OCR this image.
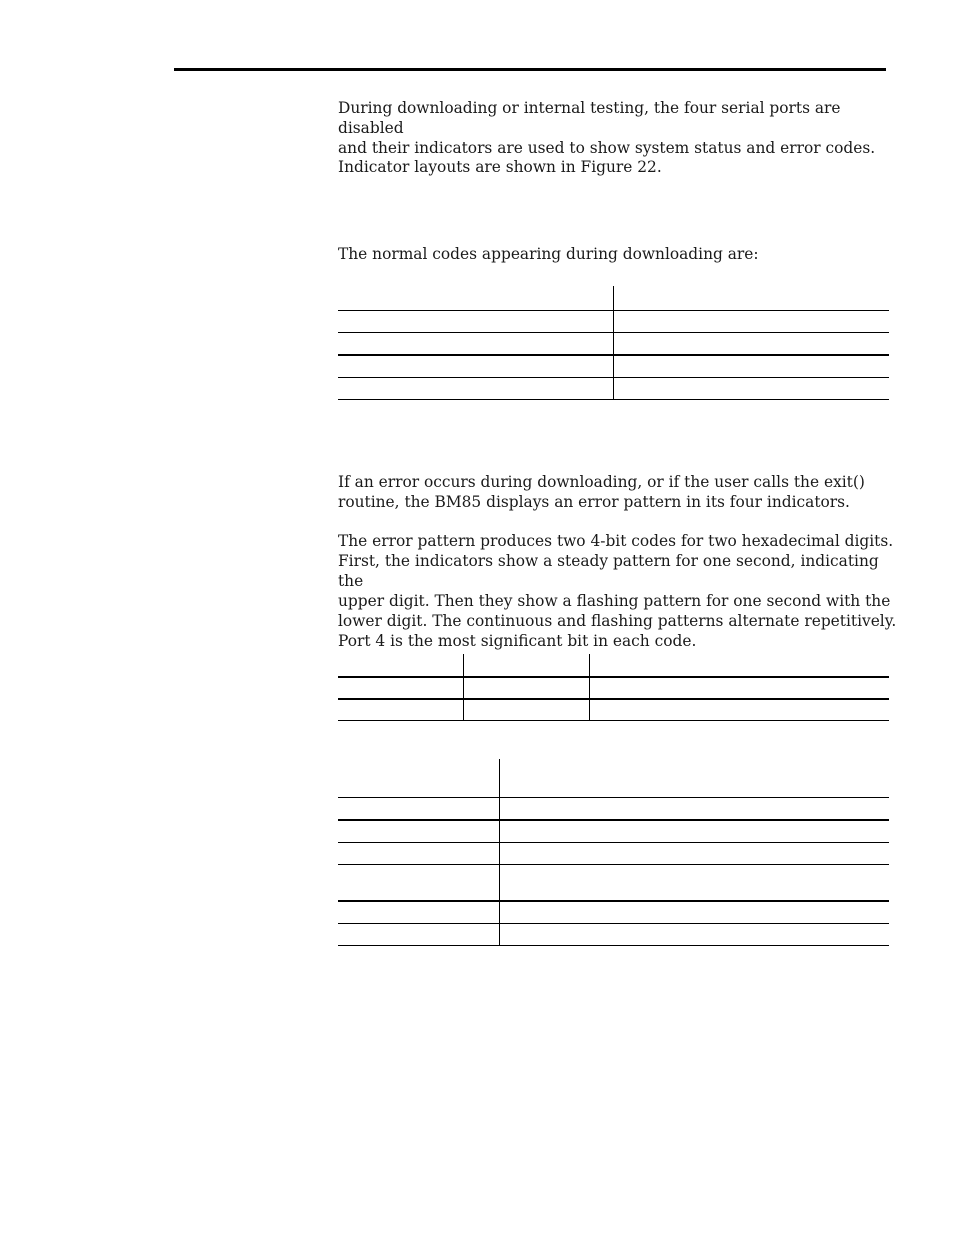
During downloading or internal testing, the four serial ports are disabled
and their indicators are used to show system status and error codes.

Indicator layouts are shown in Figure 22.

The normal codes appearing during downloading are:

If an error occurs during downloading, or if the user calls the exit()
routine, the BM85 displays an error pattern in its four indicators.

The error pattern produces two 4-bit codes for two hexadecimal digits.
First, the indicators show a steady pattern for one second, indicating the
upper digit. Then they show a flashing pattern for one second with the
lower digit. The continuous and flashing patterns alternate repetitively.
Port 4 is the most significant bit in each code.
